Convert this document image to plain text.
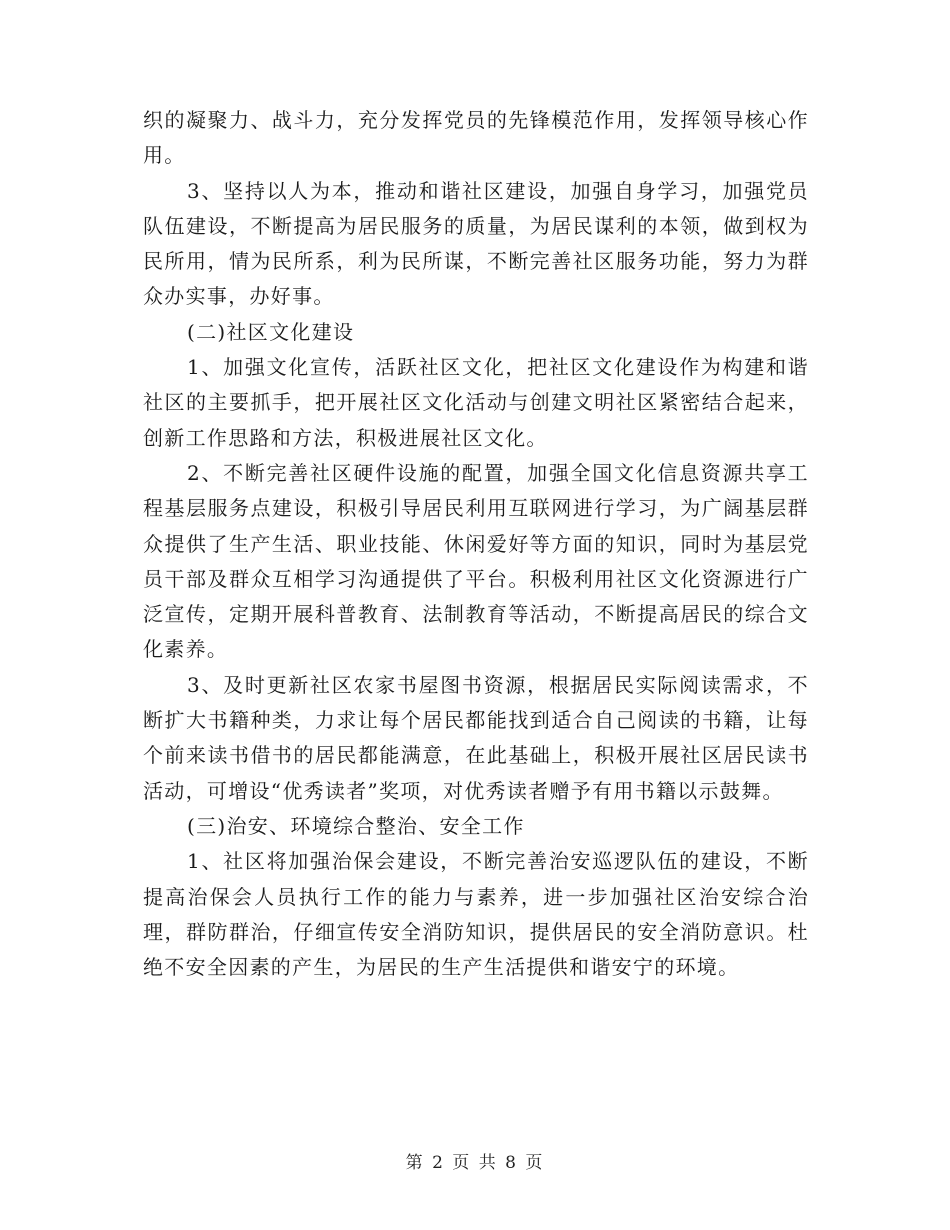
织的凝聚力、战斗力，充分发挥党员的先锋模范作用，发挥领导核心作用。

3、坚持以人为本，推动和谐社区建设，加强自身学习，加强党员队伍建设，不断提高为居民服务的质量，为居民谋利的本领，做到权为民所用，情为民所系，利为民所谋，不断完善社区服务功能，努力为群众办实事，办好事。

(二)社区文化建设

1、加强文化宣传，活跃社区文化，把社区文化建设作为构建和谐社区的主要抓手，把开展社区文化活动与创建文明社区紧密结合起来，创新工作思路和方法，积极进展社区文化。

2、不断完善社区硬件设施的配置，加强全国文化信息资源共享工程基层服务点建设，积极引导居民利用互联网进行学习，为广阔基层群众提供了生产生活、职业技能、休闲爱好等方面的知识，同时为基层党员干部及群众互相学习沟通提供了平台。积极利用社区文化资源进行广泛宣传，定期开展科普教育、法制教育等活动，不断提高居民的综合文化素养。

3、及时更新社区农家书屋图书资源，根据居民实际阅读需求，不断扩大书籍种类，力求让每个居民都能找到适合自己阅读的书籍，让每个前来读书借书的居民都能满意，在此基础上，积极开展社区居民读书活动，可增设“优秀读者”奖项，对优秀读者赠予有用书籍以示鼓舞。

(三)治安、环境综合整治、安全工作

1、社区将加强治保会建设，不断完善治安巡逻队伍的建设，不断提高治保会人员执行工作的能力与素养，进一步加强社区治安综合治理，群防群治，仔细宣传安全消防知识，提供居民的安全消防意识。杜绝不安全因素的产生，为居民的生产生活提供和谐安宁的环境。

第 2 页 共 8 页
